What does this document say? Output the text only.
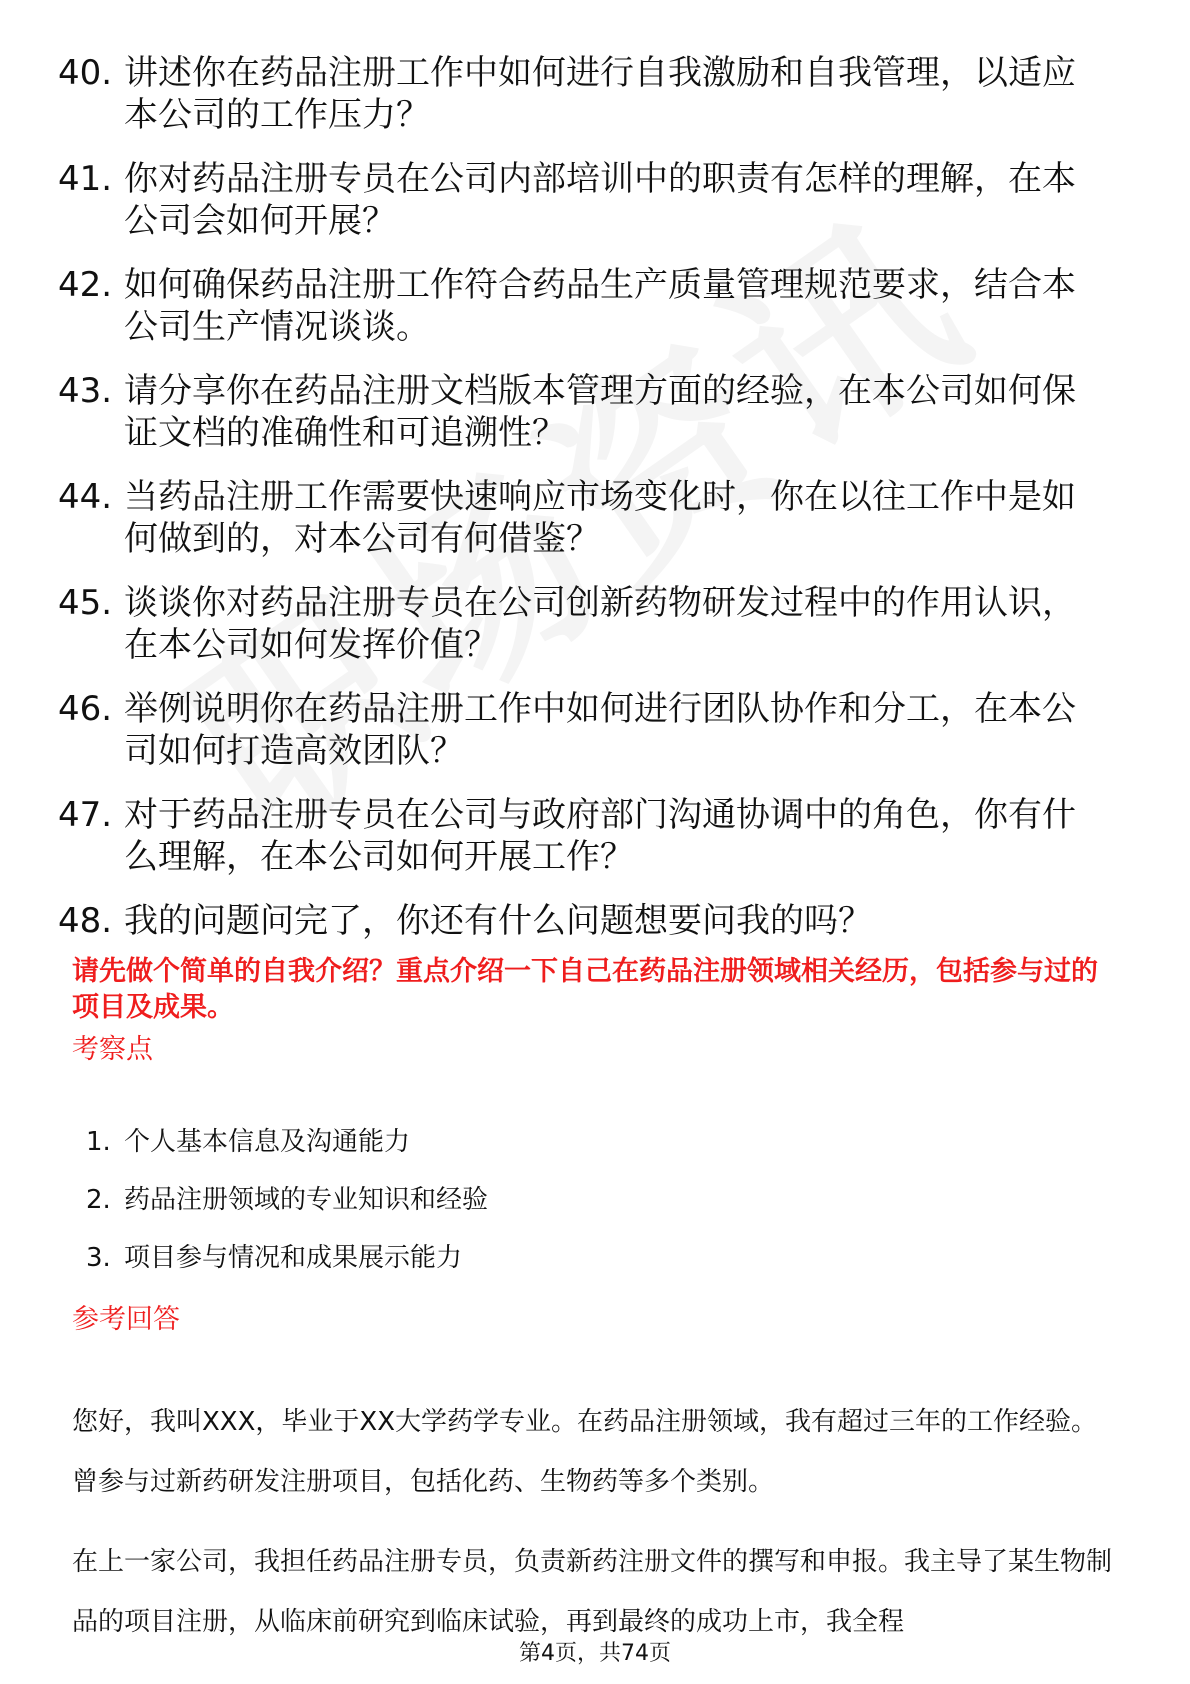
40. 讲述你在药品注册工作中如何进行自我激励和自我管理，以适应本公司的工作压力？
41. 你对药品注册专员在公司内部培训中的职责有怎样的理解，在本公司会如何开展？
42. 如何确保药品注册工作符合药品生产质量管理规范要求，结合本公司生产情况谈谈。
43. 请分享你在药品注册文档版本管理方面的经验，在本公司如何保证文档的准确性和可追溯性？
44. 当药品注册工作需要快速响应市场变化时，你在以往工作中是如何做到的，对本公司有何借鉴？
45. 谈谈你对药品注册专员在公司创新药物研发过程中的作用认识，在本公司如何发挥价值？
46. 举例说明你在药品注册工作中如何进行团队协作和分工，在本公司如何打造高效团队？
47. 对于药品注册专员在公司与政府部门沟通协调中的角色，你有什么理解，在本公司如何开展工作？
48. 我的问题问完了，你还有什么问题想要问我的吗？
请先做个简单的自我介绍？重点介绍一下自己在药品注册领域相关经历，包括参与过的项目及成果。
考察点
1. 个人基本信息及沟通能力
2. 药品注册领域的专业知识和经验
3. 项目参与情况和成果展示能力
参考回答
您好，我叫XXX，毕业于XX大学药学专业。在药品注册领域，我有超过三年的工作经验。曾参与过新药研发注册项目，包括化药、生物药等多个类别。
在上一家公司，我担任药品注册专员，负责新药注册文件的撰写和申报。我主导了某生物制品的项目注册，从临床前研究到临床试验，再到最终的成功上市，我全程
第4页，共74页
